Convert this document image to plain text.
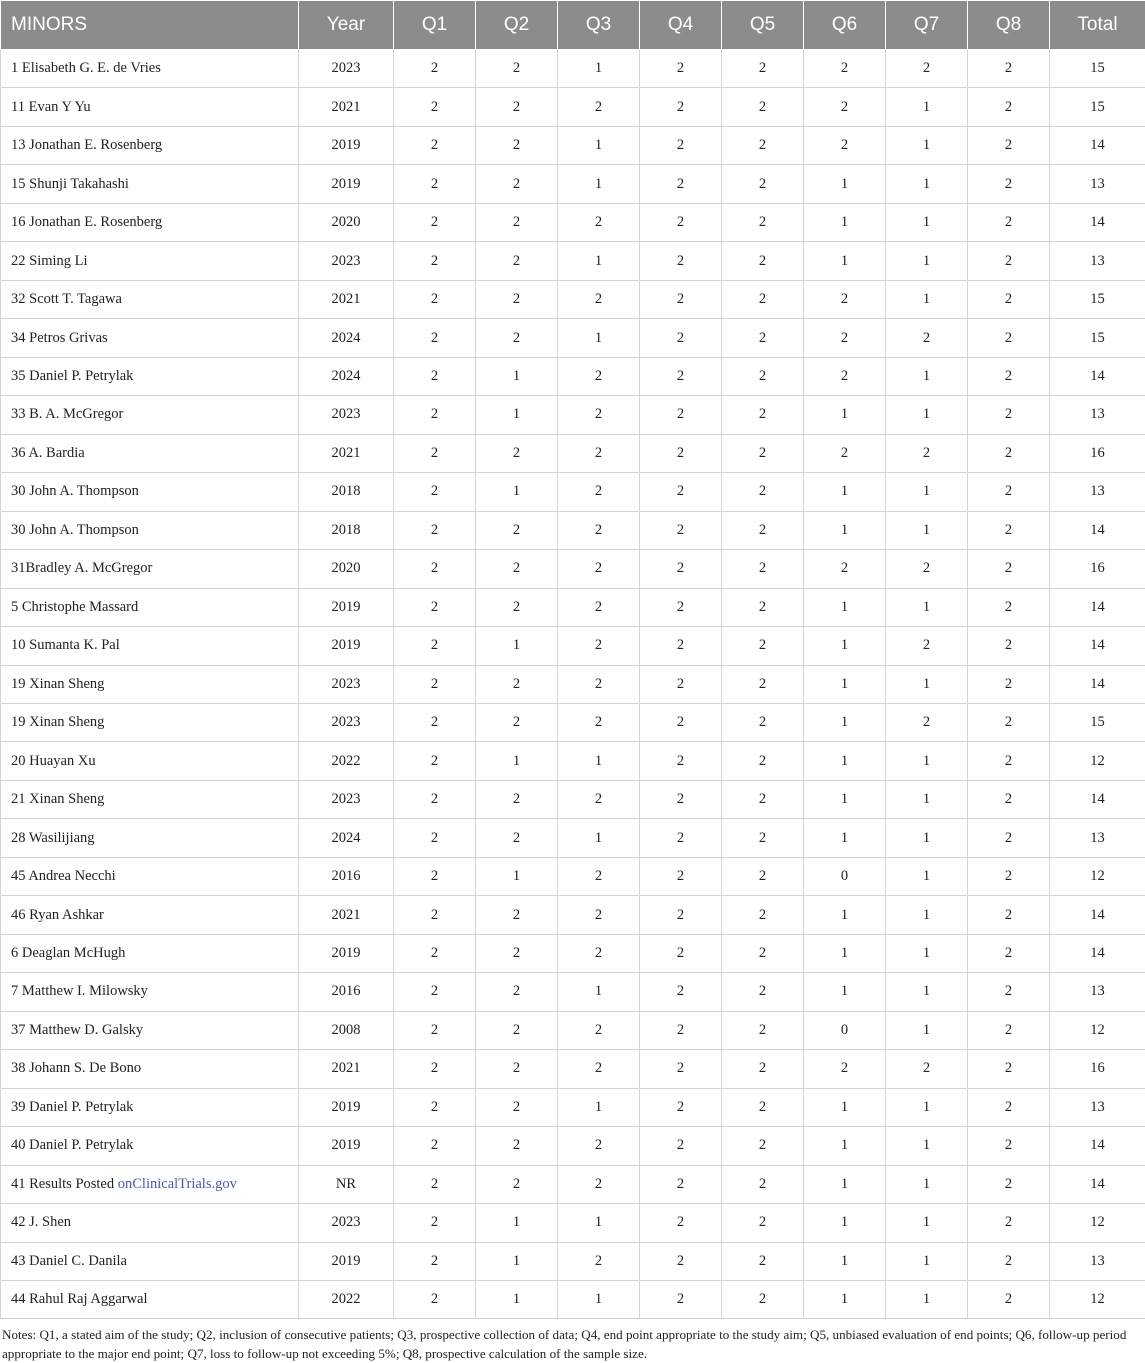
MINORS	Year	Q1	Q2	Q3	Q4	Q5	Q6	Q7	Q8	Total
1 Elisabeth G. E. de Vries	2023	2	2	1	2	2	2	2	2	15
11 Evan Y Yu	2021	2	2	2	2	2	2	1	2	15
13 Jonathan E. Rosenberg	2019	2	2	1	2	2	2	1	2	14
15 Shunji Takahashi	2019	2	2	1	2	2	1	1	2	13
16 Jonathan E. Rosenberg	2020	2	2	2	2	2	1	1	2	14
22 Siming Li	2023	2	2	1	2	2	1	1	2	13
32 Scott T. Tagawa	2021	2	2	2	2	2	2	1	2	15
34 Petros Grivas	2024	2	2	1	2	2	2	2	2	15
35 Daniel P. Petrylak	2024	2	1	2	2	2	2	1	2	14
33 B. A. McGregor	2023	2	1	2	2	2	1	1	2	13
36 A. Bardia	2021	2	2	2	2	2	2	2	2	16
30 John A. Thompson	2018	2	1	2	2	2	1	1	2	13
30 John A. Thompson	2018	2	2	2	2	2	1	1	2	14
31Bradley A. McGregor	2020	2	2	2	2	2	2	2	2	16
5 Christophe Massard	2019	2	2	2	2	2	1	1	2	14
10 Sumanta K. Pal	2019	2	1	2	2	2	1	2	2	14
19 Xinan Sheng	2023	2	2	2	2	2	1	1	2	14
19 Xinan Sheng	2023	2	2	2	2	2	1	2	2	15
20 Huayan Xu	2022	2	1	1	2	2	1	1	2	12
21 Xinan Sheng	2023	2	2	2	2	2	1	1	2	14
28 Wasilijiang	2024	2	2	1	2	2	1	1	2	13
45 Andrea Necchi	2016	2	1	2	2	2	0	1	2	12
46 Ryan Ashkar	2021	2	2	2	2	2	1	1	2	14
6 Deaglan McHugh	2019	2	2	2	2	2	1	1	2	14
7 Matthew I. Milowsky	2016	2	2	1	2	2	1	1	2	13
37 Matthew D. Galsky	2008	2	2	2	2	2	0	1	2	12
38 Johann S. De Bono	2021	2	2	2	2	2	2	2	2	16
39 Daniel P. Petrylak	2019	2	2	1	2	2	1	1	2	13
40 Daniel P. Petrylak	2019	2	2	2	2	2	1	1	2	14
41 Results Posted onClinicalTrials.gov	NR	2	2	2	2	2	1	1	2	14
42 J. Shen	2023	2	1	1	2	2	1	1	2	12
43 Daniel C. Danila	2019	2	1	2	2	2	1	1	2	13
44 Rahul Raj Aggarwal	2022	2	1	1	2	2	1	1	2	12
Notes: Q1, a stated aim of the study; Q2, inclusion of consecutive patients; Q3, prospective collection of data; Q4, end point appropriate to the study aim; Q5, unbiased evaluation of end points; Q6, follow-up period appropriate to the major end point; Q7, loss to follow-up not exceeding 5%; Q8, prospective calculation of the sample size.
